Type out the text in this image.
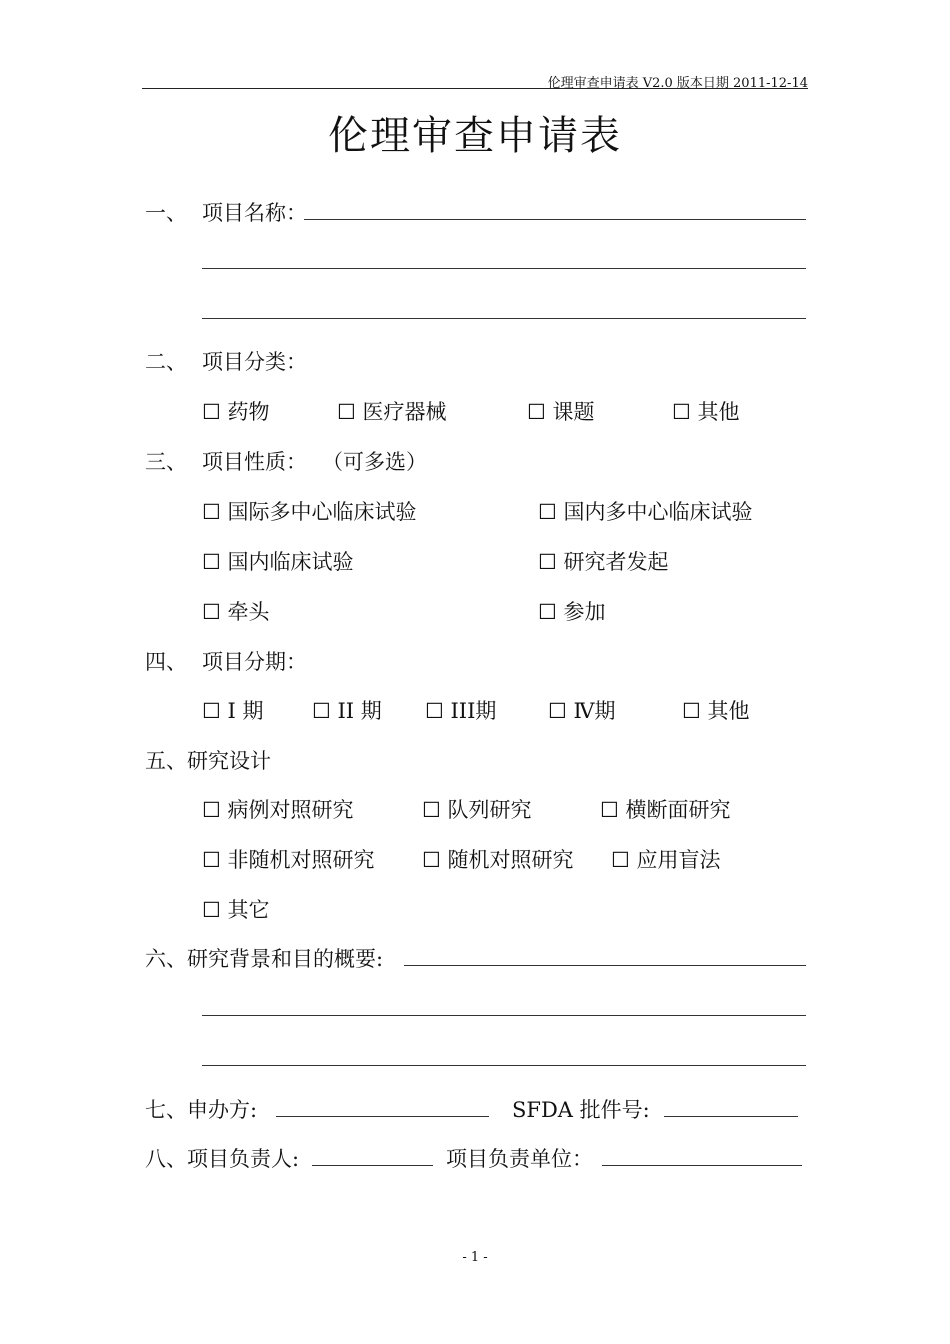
伦理审查申请表 V2.0 版本日期 2011-12-14
伦理审查申请表
一、 项目名称：
二、 项目分类：
☐ 药物	☐ 医疗器械	☐ 课题	☐ 其他
三、 项目性质： （可多选）
☐ 国际多中心临床试验	☐ 国内多中心临床试验
☐ 国内临床试验	☐ 研究者发起
☐ 牵头	☐ 参加
四、 项目分期：
☐ I 期 ☐ II 期 ☐ III期 ☐ Ⅳ期	☐ 其他
五、研究设计
☐ 病例对照研究	☐ 队列研究	☐ 横断面研究
☐ 非随机对照研究 ☐ 随机对照研究 ☐ 应用盲法
☐ 其它
六、研究背景和目的概要:
七、申办方:	SFDA 批件号:
八、项目负责人:	项目负责单位：
- 1 -
